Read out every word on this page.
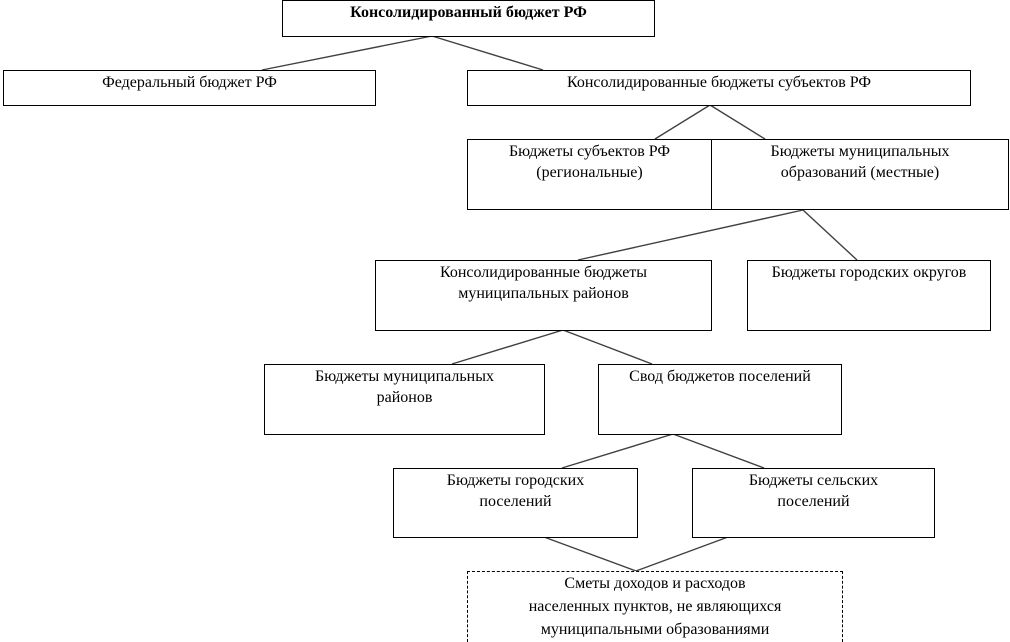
Консолидированный бюджет РФ
Федеральный бюджет РФ	Консолидированные бюджеты субъектов РФ
Бюджеты субъектов РФ
(региональные)
Бюджеты муниципальных
образований (местные)
Консолидированные бюджеты
муниципальных районов
Бюджеты городских округов
Бюджеты муниципальных
районов
Свод бюджетов поселений
Бюджеты городских
поселений
Бюджеты сельских
поселений
Сметы доходов и расходов
населенных пунктов, не являющихся
муниципальными образованиями
